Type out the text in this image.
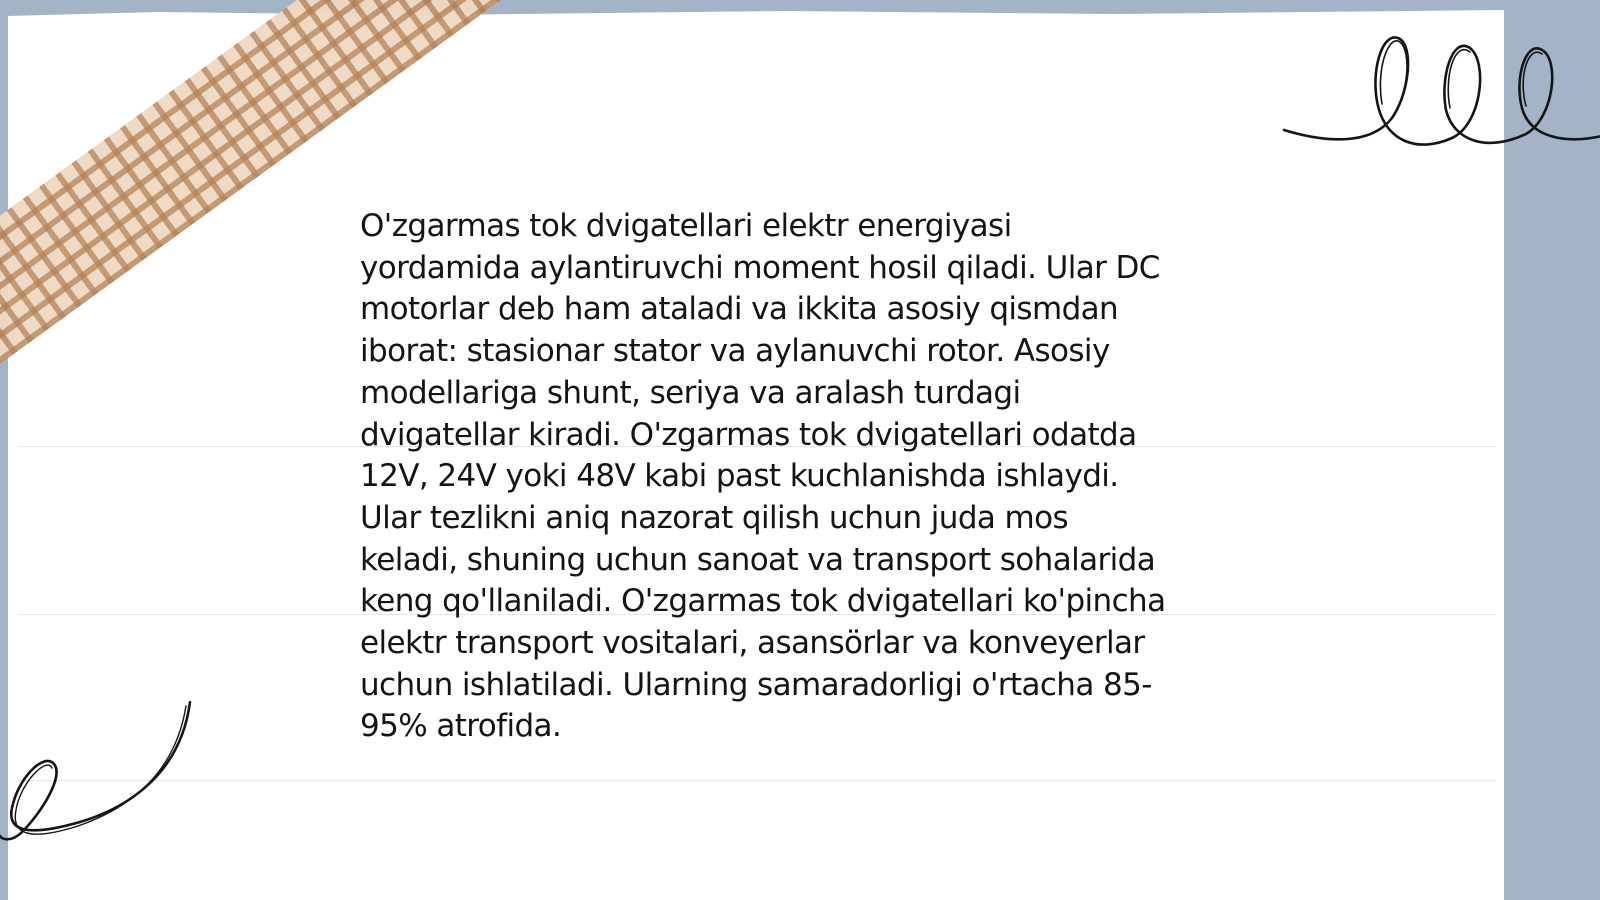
O'zgarmas tok dvigatellari elektr energiyasi
yordamida aylantiruvchi moment hosil qiladi. Ular DC
motorlar deb ham ataladi va ikkita asosiy qismdan
iborat: stasionar stator va aylanuvchi rotor. Asosiy
modellariga shunt, seriya va aralash turdagi
dvigatellar kiradi. O'zgarmas tok dvigatellari odatda
12V, 24V yoki 48V kabi past kuchlanishda ishlaydi.
Ular tezlikni aniq nazorat qilish uchun juda mos
keladi, shuning uchun sanoat va transport sohalarida
keng qo'llaniladi. O'zgarmas tok dvigatellari ko'pincha
elektr transport vositalari, asansörlar va konveyerlar
uchun ishlatiladi. Ularning samaradorligi o'rtacha 85-
95% atrofida.
